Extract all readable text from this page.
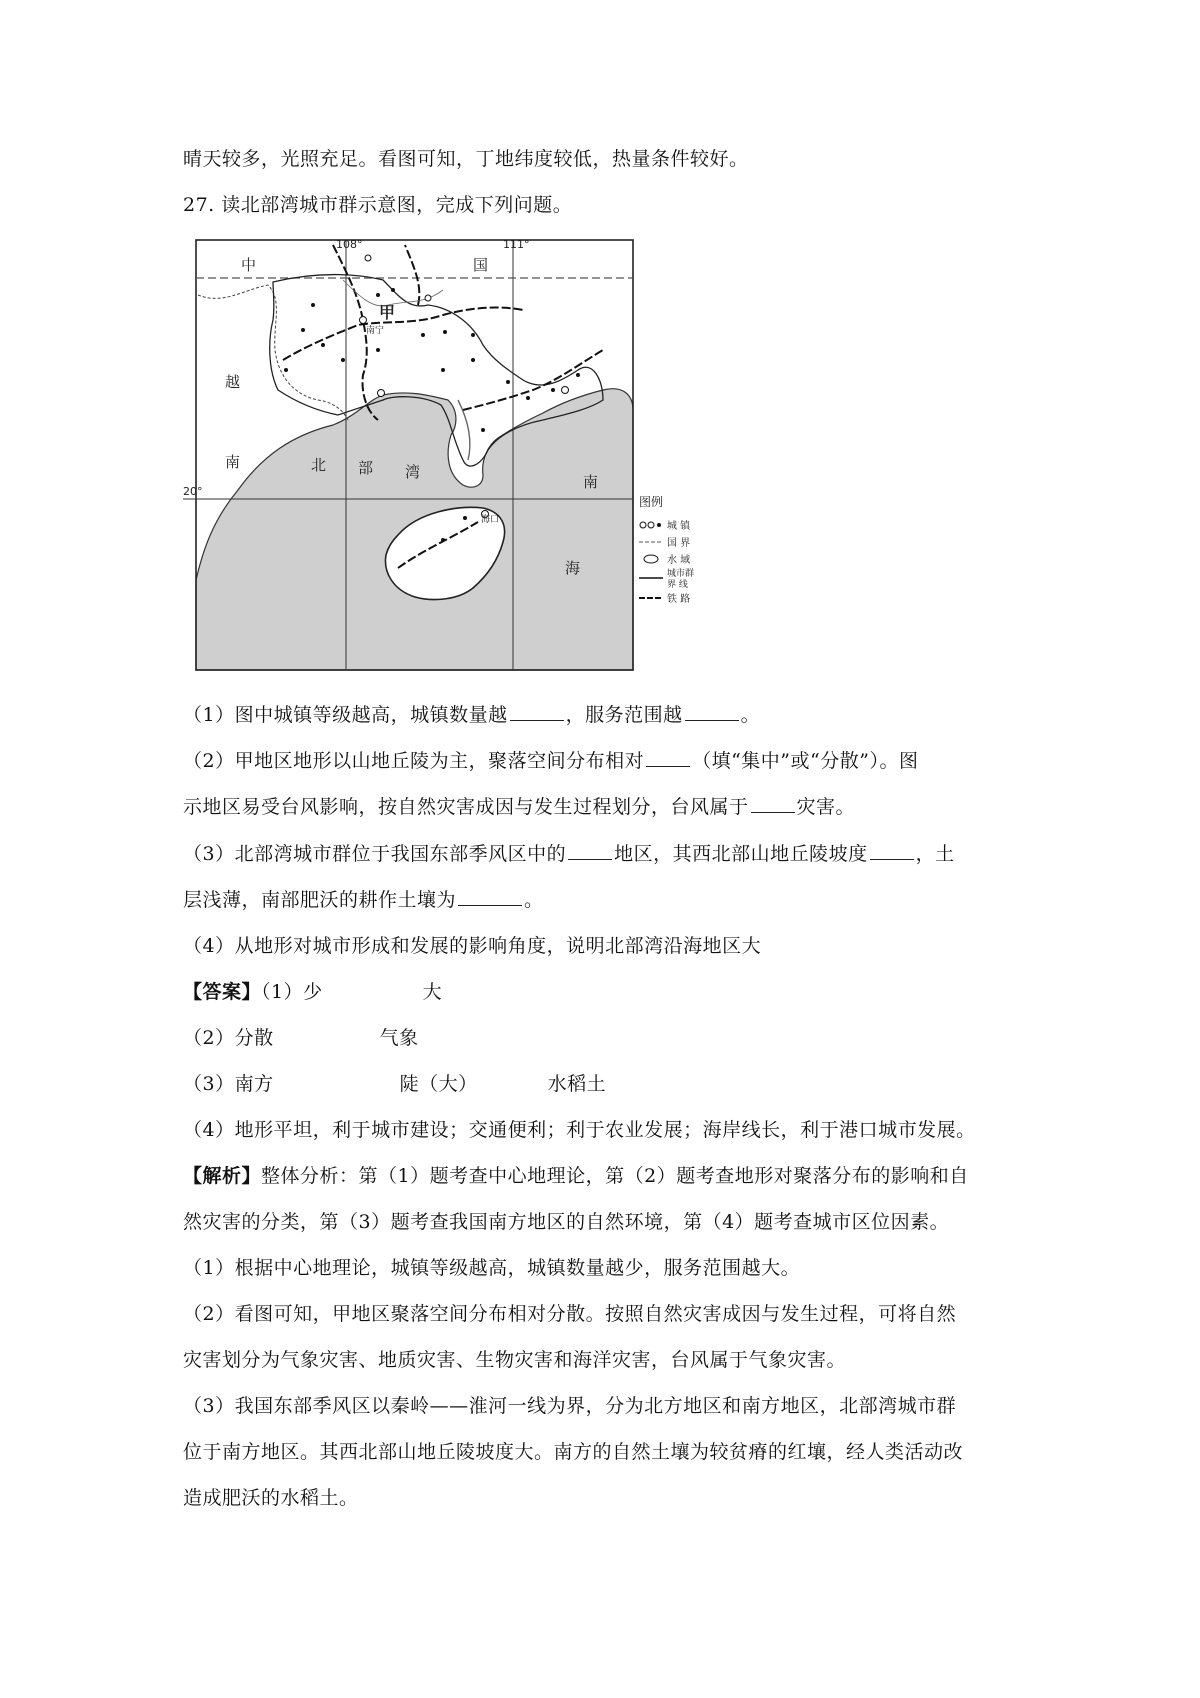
晴天较多，光照充足。看图可知，丁地纬度较低，热量条件较好。
27. 读北部湾城市群示意图，完成下列问题。
108°	111°
20°
中	国
甲
南宁
海口
越
南	北 部 湾
南
海
图例
城 镇
国 界
水 域
城市群
界 线
铁 路
（1）图中城镇等级越高，城镇数量越	，服务范围越	。
（2）甲地区地形以山地丘陵为主，聚落空间分布相对	（填“集中”或“分散”）。图
示地区易受台风影响，按自然灾害成因与发生过程划分，台风属于	灾害。
（3）北部湾城市群位于我国东部季风区中的	地区，其西北部山地丘陵坡度	，土
层浅薄，南部肥沃的耕作土壤为	。
（4）从地形对城市形成和发展的影响角度，说明北部湾沿海地区大
【答案】（1）少	大
（2）分散	气象
（3）南方	陡（大）	水稻土
（4）地形平坦，利于城市建设；交通便利；利于农业发展；海岸线长，利于港口城市发展。
【解析】整体分析：第（1）题考查中心地理论，第（2）题考查地形对聚落分布的影响和自
然灾害的分类，第（3）题考查我国南方地区的自然环境，第（4）题考查城市区位因素。
（1）根据中心地理论，城镇等级越高，城镇数量越少，服务范围越大。
（2）看图可知，甲地区聚落空间分布相对分散。按照自然灾害成因与发生过程，可将自然
灾害划分为气象灾害、地质灾害、生物灾害和海洋灾害，台风属于气象灾害。
（3）我国东部季风区以秦岭——淮河一线为界，分为北方地区和南方地区，北部湾城市群
位于南方地区。其西北部山地丘陵坡度大。南方的自然土壤为较贫瘠的红壤，经人类活动改
造成肥沃的水稻土。
